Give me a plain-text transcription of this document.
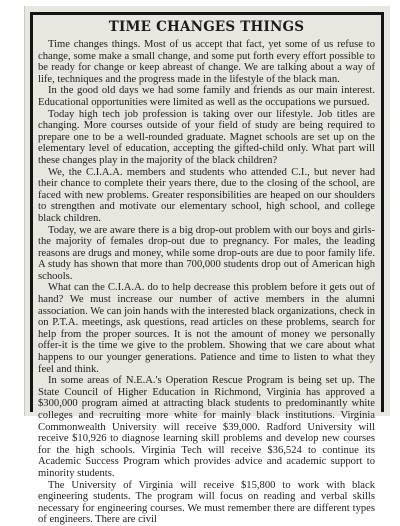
TIME CHANGES THINGS

Time changes things. Most of us accept that fact, yet some of us refuse to change, some make a small change, and some put forth every effort possible to be ready for change or keep abreast of change. We are talking about a way of life, techniques and the progress made in the lifestyle of the black man.

In the good old days we had some family and friends as our main interest. Educational opportunities were limited as well as the occupations we pursued.

Today high tech job profession is taking over our lifestyle. Job titles are changing. More courses outside of your field of study are being required to prepare one to be a well-rounded graduate. Magnet schools are set up on the elementary level of education, accepting the gifted-child only. What part will these changes play in the majority of the black children?

We, the C.I.A.A. members and students who attended C.I., but never had their chance to complete their years there, due to the closing of the school, are faced with new problems. Greater responsibilities are heaped on our shoulders to strengthen and motivate our elementary school, high school, and college black children.

Today, we are aware there is a big drop-out problem with our boys and girls-the majority of females drop-out due to pregnancy. For males, the leading reasons are drugs and money, while some drop-outs are due to poor family life. A study has shown that more than 700,000 students drop out of American high schools.

What can the C.I.A.A. do to help decrease this problem before it gets out of hand? We must increase our number of active members in the alumni association. We can join hands with the interested black organizations, check in on P.T.A. meetings, ask questions, read articles on these problems, search for help from the proper sources. It is not the amount of money we personally offer-it is the time we give to the problem. Showing that we care about what happens to our younger generations. Patience and time to listen to what they feel and think.

In some areas of N.E.A.'s Operation Rescue Program is being set up. The State Council of Higher Education in Richmond, Virginia has approved a $300,000 program aimed at attracting black students to predominantly white colleges and recruiting more white for mainly black institutions. Virginia Commonwealth University will receive $39,000. Radford University will receive $10,926 to diagnose learning skill problems and develop new courses for the high schools. Virginia Tech will receive $36,524 to continue its Academic Success Program which provides advice and academic support to minority students.

The University of Virginia will receive $15,800 to work with black engineering students. The program will focus on reading and verbal skills necessary for engineering courses. We must remember there are different types of engineers. There are civil
